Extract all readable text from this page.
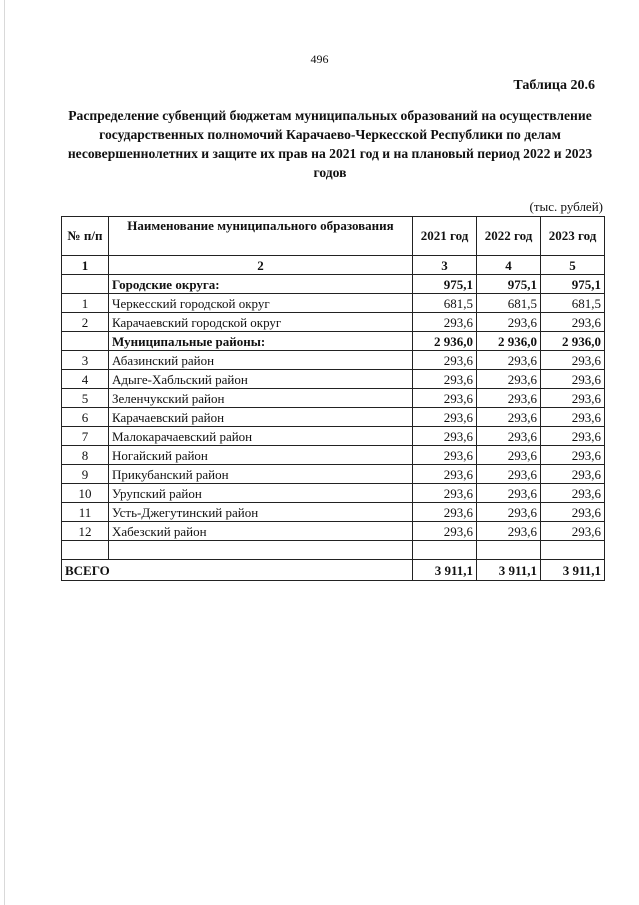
496
Таблица 20.6
Распределение субвенций бюджетам муниципальных образований на осуществление государственных полномочий Карачаево-Черкесской Республики по делам несовершеннолетних и защите их прав на 2021 год и на плановый период 2022 и 2023 годов
(тыс. рублей)
№ п/п	Наименование муниципального образования	2021 год	2022 год	2023 год
1	2	3	4	5
	Городские округа:	975,1	975,1	975,1
1	Черкесский городской округ	681,5	681,5	681,5
2	Карачаевский городской округ	293,6	293,6	293,6
	Муниципальные районы:	2 936,0	2 936,0	2 936,0
3	Абазинский район	293,6	293,6	293,6
4	Адыге-Хабльский район	293,6	293,6	293,6
5	Зеленчукский район	293,6	293,6	293,6
6	Карачаевский район	293,6	293,6	293,6
7	Малокарачаевский район	293,6	293,6	293,6
8	Ногайский район	293,6	293,6	293,6
9	Прикубанский район	293,6	293,6	293,6
10	Урупский район	293,6	293,6	293,6
11	Усть-Джегутинский район	293,6	293,6	293,6
12	Хабезский район	293,6	293,6	293,6

ВСЕГО		3 911,1	3 911,1	3 911,1
